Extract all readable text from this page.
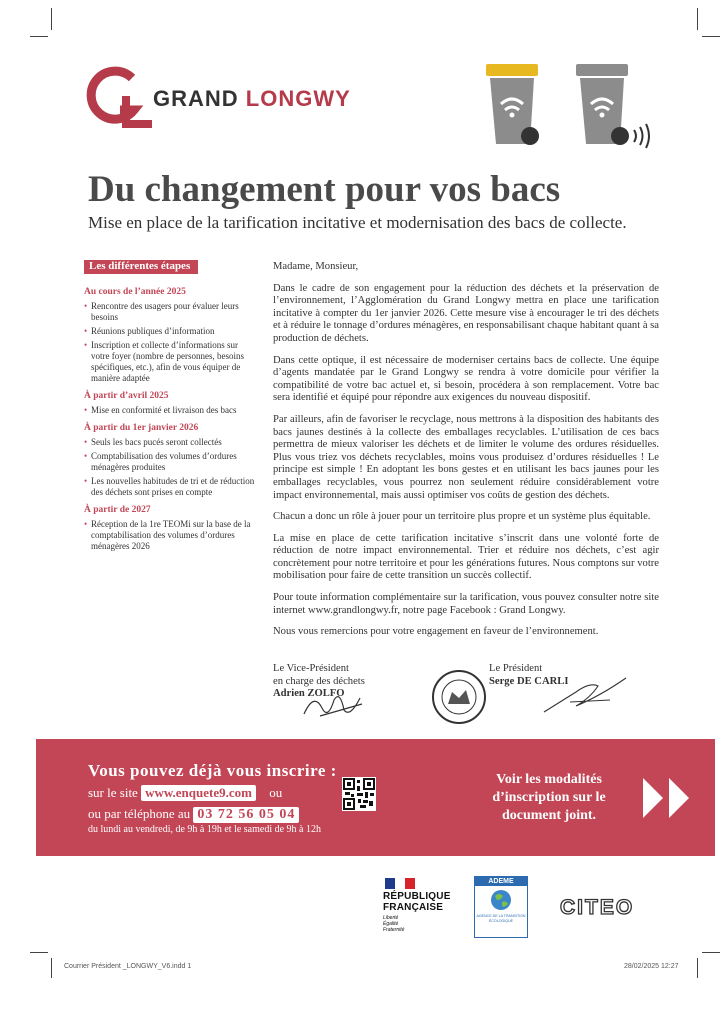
GRAND LONGWY
Du changement pour vos bacs
Mise en place de la tarification incitative et modernisation des bacs de collecte.
Les différentes étapes
Au cours de l’année 2025
• Rencontre des usagers pour évaluer leurs besoins
• Réunions publiques d’information
• Inscription et collecte d’informations sur votre foyer (nombre de personnes, besoins spécifiques, etc.), afin de vous équiper de manière adaptée
À partir d’avril 2025
• Mise en conformité et livraison des bacs
À partir du 1er janvier 2026
• Seuls les bacs pucés seront collectés
• Comptabilisation des volumes d’ordures ménagères produites
• Les nouvelles habitudes de tri et de réduction des déchets sont prises en compte
À partir de 2027
• Réception de la 1re TEOMi sur la base de la comptabilisation des volumes d’ordures ménagères 2026

Madame, Monsieur,

Dans le cadre de son engagement pour la réduction des déchets et la préservation de l’environnement, l’Agglomération du Grand Longwy mettra en place une tarification incitative à compter du 1er janvier 2026. Cette mesure vise à encourager le tri des déchets et à réduire le tonnage d’ordures ménagères, en responsabilisant chaque habitant quant à sa production de déchets.

Dans cette optique, il est nécessaire de moderniser certains bacs de collecte. Une équipe d’agents mandatée par le Grand Longwy se rendra à votre domicile pour vérifier la compatibilité de votre bac actuel et, si besoin, procédera à son remplacement. Votre bac sera identifié et équipé pour répondre aux exigences du nouveau dispositif.

Par ailleurs, afin de favoriser le recyclage, nous mettrons à la disposition des habitants des bacs jaunes destinés à la collecte des emballages recyclables. L’utilisation de ces bacs permettra de mieux valoriser les déchets et de limiter le volume des ordures résiduelles. Plus vous triez vos déchets recyclables, moins vous produisez d’ordures résiduelles ! Le principe est simple ! En adoptant les bons gestes et en utilisant les bacs jaunes pour les emballages recyclables, vous pourrez non seulement réduire considérablement votre impact environnemental, mais aussi optimiser vos coûts de gestion des déchets.

Chacun a donc un rôle à jouer pour un territoire plus propre et un système plus équitable.

La mise en place de cette tarification incitative s’inscrit dans une volonté forte de réduction de notre impact environnemental. Trier et réduire nos déchets, c’est agir concrètement pour notre territoire et pour les générations futures. Nous comptons sur votre mobilisation pour faire de cette transition un succès collectif.

Pour toute information complémentaire sur la tarification, vous pouvez consulter notre site internet www.grandlongwy.fr, notre page Facebook : Grand Longwy.

Nous vous remercions pour votre engagement en faveur de l’environnement.

Le Vice-Président
en charge des déchets
Adrien ZOLFO
Le Président
Serge DE CARLI
Vous pouvez déjà vous inscrire :
sur le site www.enquete9.com ou
ou par téléphone au 03 72 56 05 04
du lundi au vendredi, de 9h à 19h et le samedi de 9h à 12h
Voir les modalités
d’inscription sur le
document joint.
RÉPUBLIQUE
FRANÇAISE
Liberté
Égalité
Fraternité
ADEME
AGENCE DE LA TRANSITION ÉCOLOGIQUE
CITEO
Courrier Président _LONGWY_V6.indd 1	28/02/2025 12:27
